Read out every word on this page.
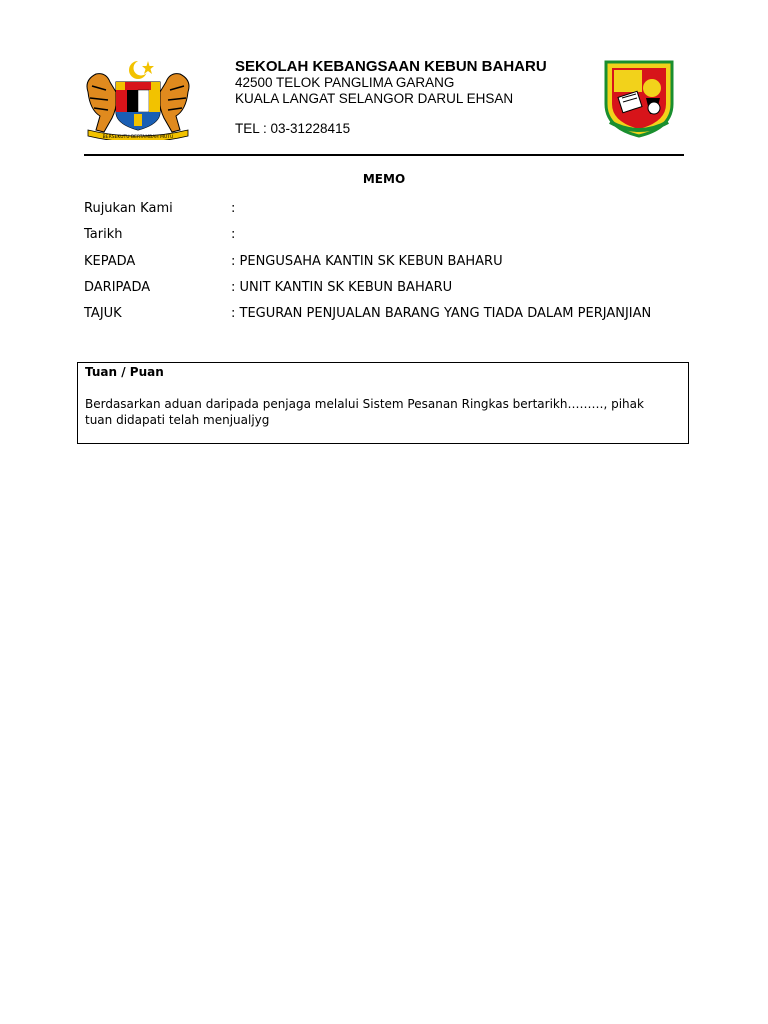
BERSEKUTU BERTAMBAH MUTU
SEKOLAH KEBANGSAAN KEBUN BAHARU
42500 TELOK PANGLIMA GARANG
KUALA LANGAT SELANGOR DARUL EHSAN
TEL : 03-31228415
MEMO
Rujukan Kami	:
Tarikh	:
KEPADA	: PENGUSAHA KANTIN SK KEBUN BAHARU
DARIPADA	: UNIT KANTIN SK KEBUN BAHARU
TAJUK	: TEGURAN PENJUALAN BARANG YANG TIADA DALAM PERJANJIAN
Tuan / Puan
Berdasarkan aduan daripada penjaga melalui Sistem Pesanan Ringkas bertarikh………, pihak tuan didapati telah menjualjyg
